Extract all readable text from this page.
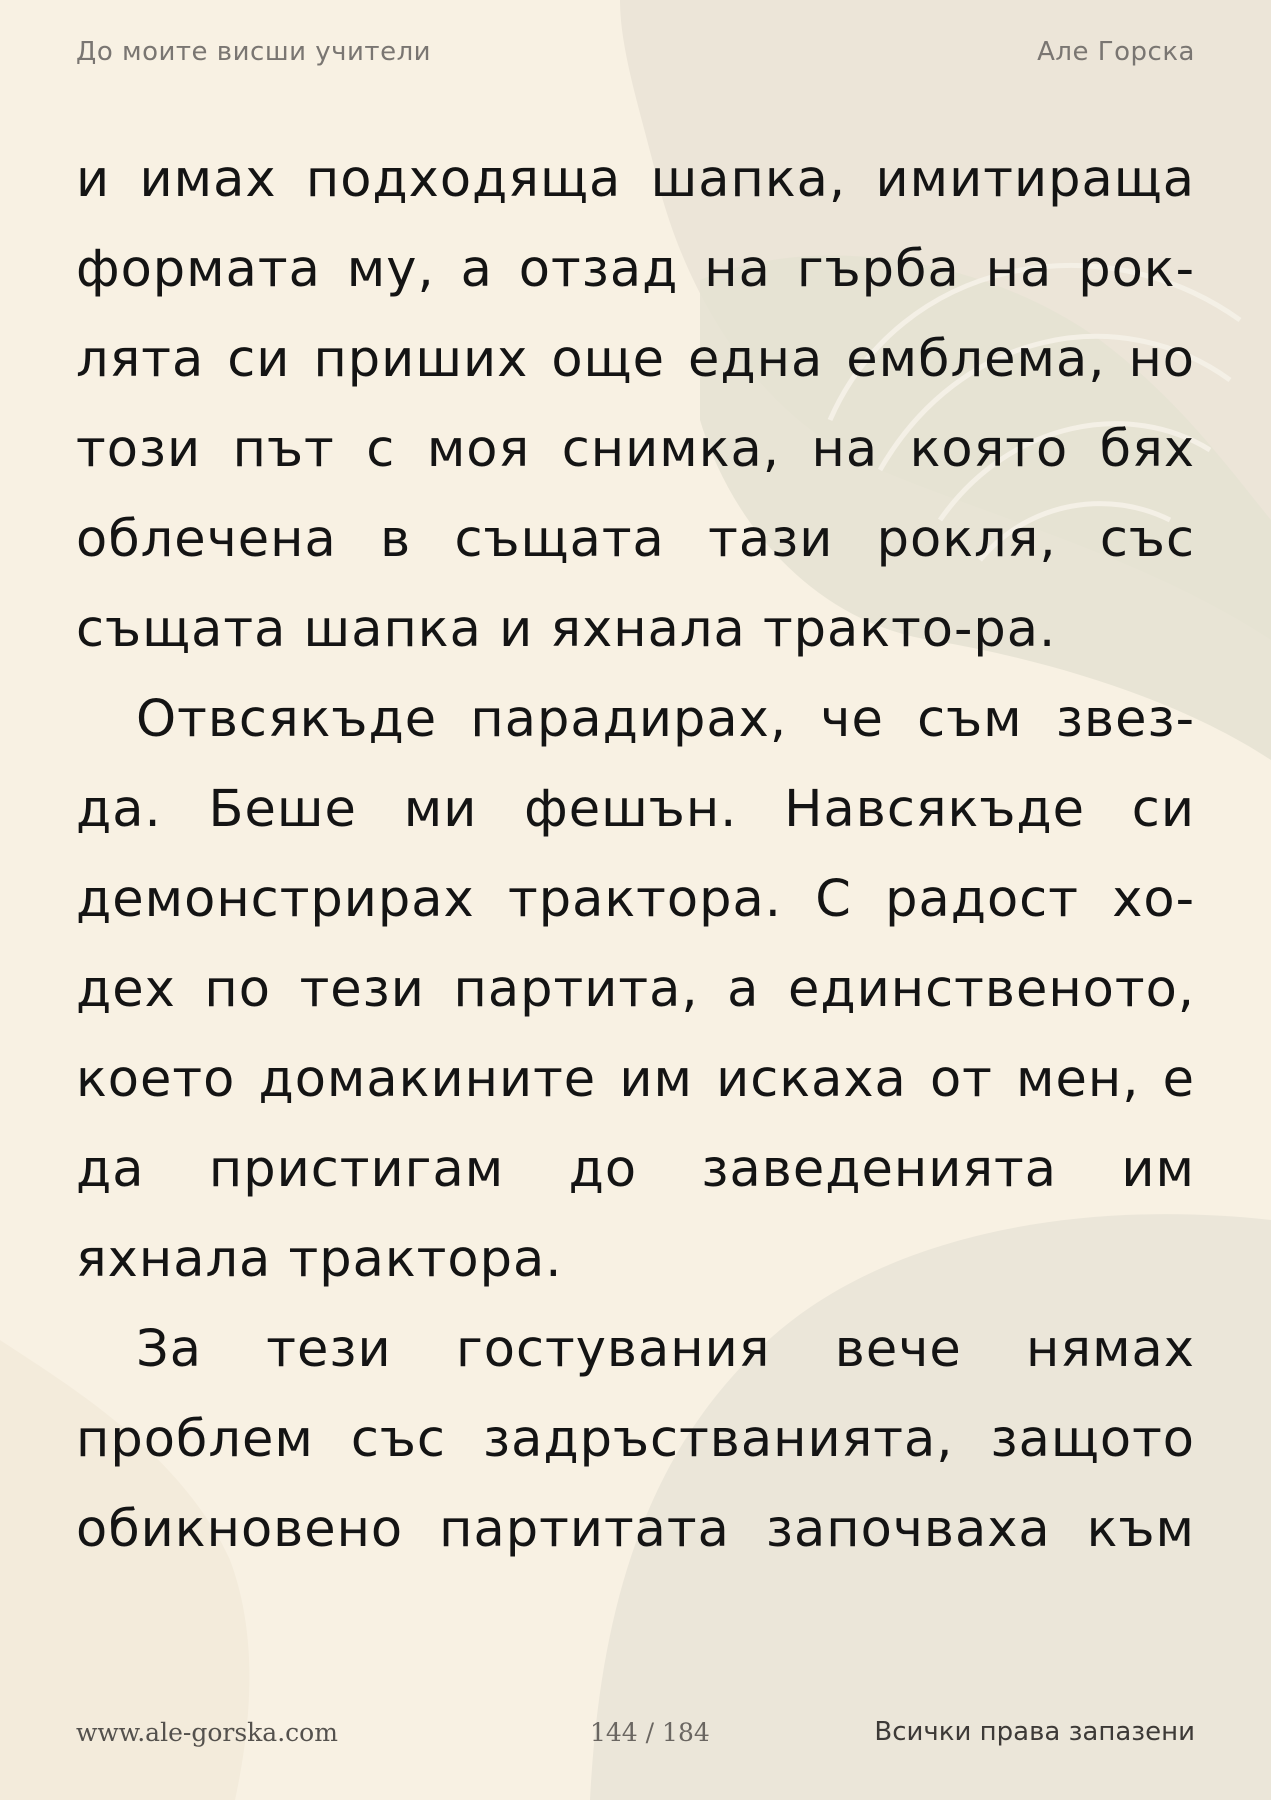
До моите висши учители	Але Горска

и имах подходяща шапка, имитираща формата му, а отзад на гърба на рок-лята си пришиx още една емблема, но този път с моя снимка, на която бях облечена в същата тази рокля, със същата шапка и яхнала тракто-ра.

Отвсякъде парадирах, че съм звез-да. Беше ми фешън. Навсякъде си демонстрирах трактора. С радост хо-дех по тези партита, а единственото, което домакините им искаха от мен, е да пристигам до заведенията им яхнала трактора.

За тези гостувания вече нямах проблем със задръстванията, защото обикновено партитата започваха към

www.ale-gorska.com	144 / 184	Всички права запазени
